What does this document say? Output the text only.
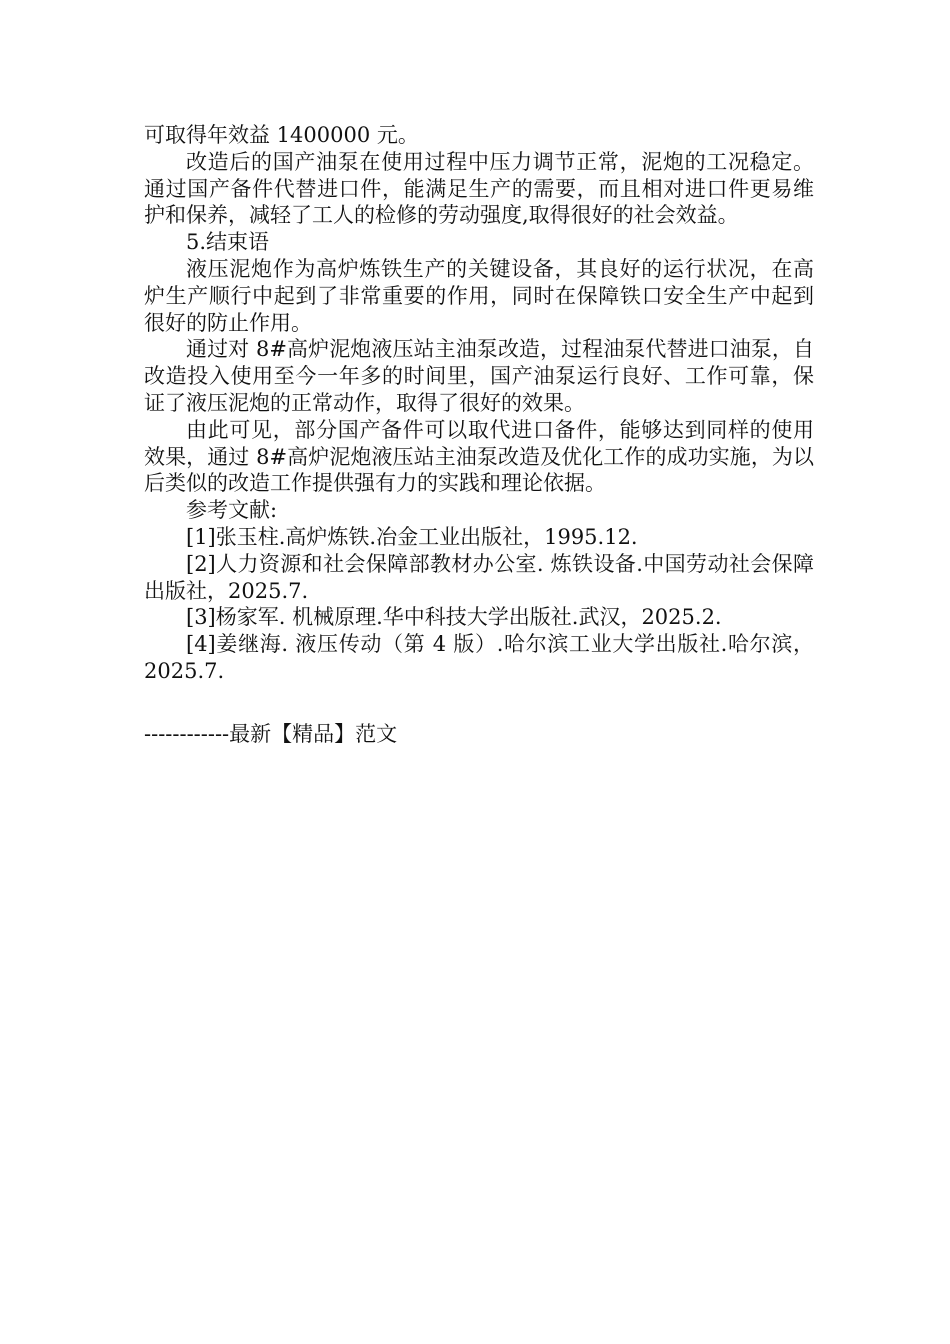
可取得年效益 1400000 元。

改造后的国产油泵在使用过程中压力调节正常，泥炮的工况稳定。通过国产备件代替进口件，能满足生产的需要，而且相对进口件更易维护和保养，减轻了工人的检修的劳动强度,取得很好的社会效益。

5.结束语

液压泥炮作为高炉炼铁生产的关键设备，其良好的运行状况，在高炉生产顺行中起到了非常重要的作用，同时在保障铁口安全生产中起到很好的防止作用。

通过对 8#高炉泥炮液压站主油泵改造，过程油泵代替进口油泵，自改造投入使用至今一年多的时间里，国产油泵运行良好、工作可靠，保证了液压泥炮的正常动作，取得了很好的效果。

由此可见，部分国产备件可以取代进口备件，能够达到同样的使用效果，通过 8#高炉泥炮液压站主油泵改造及优化工作的成功实施，为以后类似的改造工作提供强有力的实践和理论依据。

参考文献:

[1]张玉柱.高炉炼铁.冶金工业出版社，1995.12.

[2]人力资源和社会保障部教材办公室. 炼铁设备.中国劳动社会保障出版社，2025.7.

[3]杨家军. 机械原理.华中科技大学出版社.武汉，2025.2.

[4]姜继海. 液压传动（第 4 版）.哈尔滨工业大学出版社.哈尔滨，2025.7.

------------最新【精品】范文
